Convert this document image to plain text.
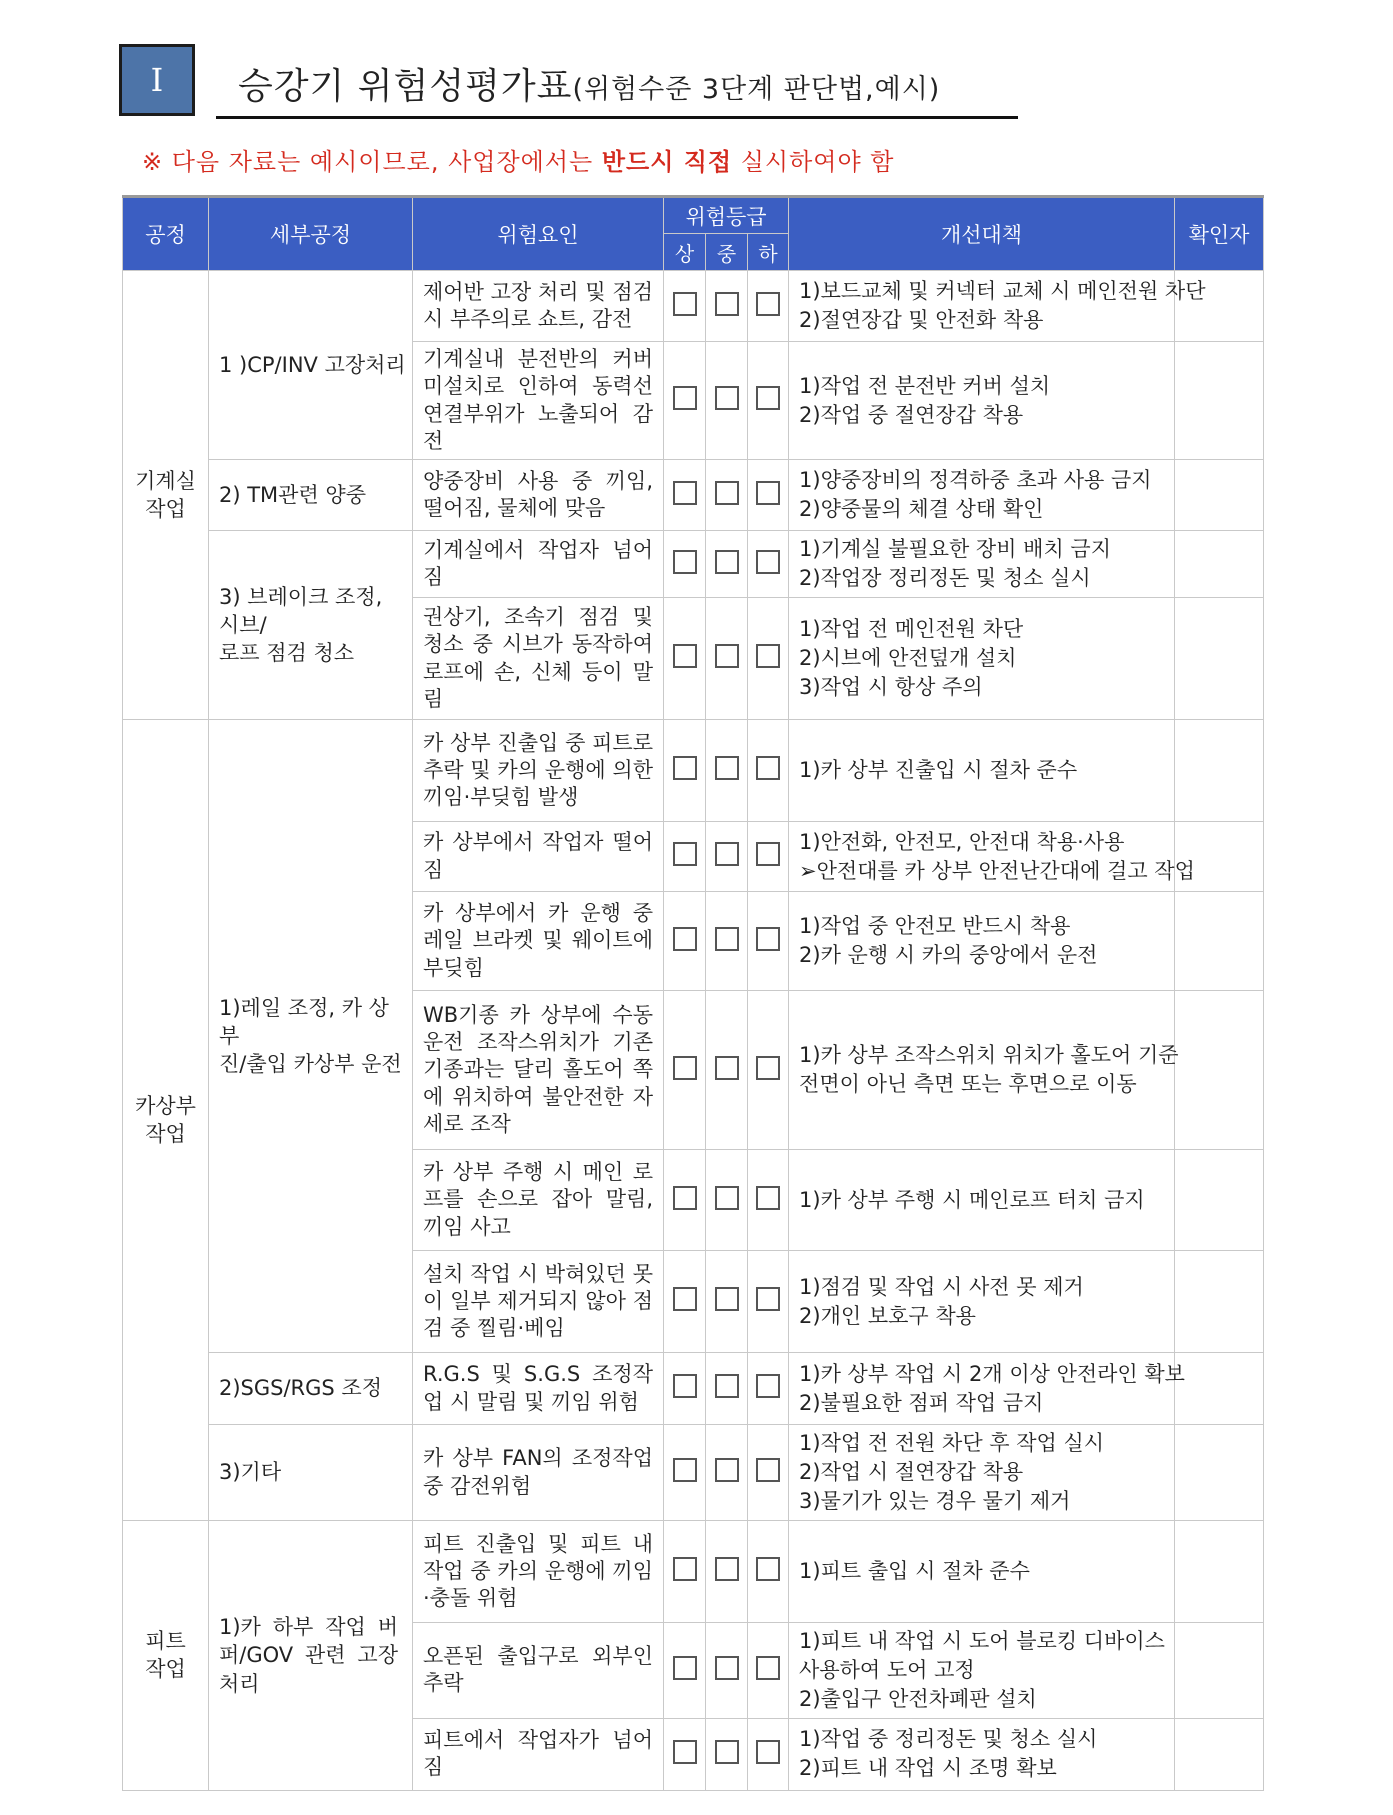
Ⅰ 승강기 위험성평가표(위험수준 3단계 판단법,예시)
※ 다음 자료는 예시이므로, 사업장에서는 반드시 직접 실시하여야 함
공정	세부공정	위험요인	위험등급			개선대책	확인자
			상	중	하		
기계실
작업	1 )CP/INV 고장처리	제어반 고장 처리 및 점검 시 부주의로 쇼트, 감전				1)보드교체 및 커넥터 교체 시 메인전원 차단
2)절연장갑 및 안전화 착용	

		기계실내 분전반의 커버 미설치로 인하여 동력선 연결부위가 노출되어 감전				1)작업 전 분전반 커버 설치
2)작업 중 절연장갑 착용	

	2) TM관련 양중	양중장비 사용 중 끼임, 떨어짐, 물체에 맞음				1)양중장비의 정격하중 초과 사용 금지
2)양중물의 체결 상태 확인	

	3) 브레이크 조정, 시브/
로프 점검 청소	기계실에서 작업자 넘어짐				1)기계실 불필요한 장비 배치 금지
2)작업장 정리정돈 및 청소 실시	

		권상기, 조속기 점검 및 청소 중 시브가 동작하여 로프에 손, 신체 등이 말림				1)작업 전 메인전원 차단
2)시브에 안전덮개 설치
3)작업 시 항상 주의	

카상부
작업	1)레일 조정, 카 상부
진/출입 카상부 운전	카 상부 진출입 중 피트로 추락 및 카의 운행에 의한 끼임·부딪힘 발생				1)카 상부 진출입 시 절차 준수	

		카 상부에서 작업자 떨어짐				1)안전화, 안전모, 안전대 착용·사용
➢안전대를 카 상부 안전난간대에 걸고 작업	

		카 상부에서 카 운행 중 레일 브라켓 및 웨이트에 부딪힘				1)작업 중 안전모 반드시 착용
2)카 운행 시 카의 중앙에서 운전	

		WB기종 카 상부에 수동 운전 조작스위치가 기존 기종과는 달리 홀도어 쪽에 위치하여 불안전한 자세로 조작				1)카 상부 조작스위치 위치가 홀도어 기준
전면이 아닌 측면 또는 후면으로 이동	

		카 상부 주행 시 메인 로프를 손으로 잡아 말림, 끼임 사고				1)카 상부 주행 시 메인로프 터치 금지	

		설치 작업 시 박혀있던 못이 일부 제거되지 않아 점검 중 찔림·베임				1)점검 및 작업 시 사전 못 제거
2)개인 보호구 착용	

	2)SGS/RGS 조정	R.G.S 및 S.G.S 조정작업 시 말림 및 끼임 위험				1)카 상부 작업 시 2개 이상 안전라인 확보
2)불필요한 점퍼 작업 금지	

	3)기타	카 상부 FAN의 조정작업 중 감전위험				1)작업 전 전원 차단 후 작업 실시
2)작업 시 절연장갑 착용
3)물기가 있는 경우 물기 제거	

피트
작업	1)카 하부 작업 버퍼/GOV 관련 고장처리	피트 진출입 및 피트 내 작업 중 카의 운행에 끼임·충돌 위험				1)피트 출입 시 절차 준수	

		오픈된 출입구로 외부인 추락				1)피트 내 작업 시 도어 블로킹 디바이스
사용하여 도어 고정
2)출입구 안전차폐판 설치	

		피트에서 작업자가 넘어짐				1)작업 중 정리정돈 및 청소 실시
2)피트 내 작업 시 조명 확보	
